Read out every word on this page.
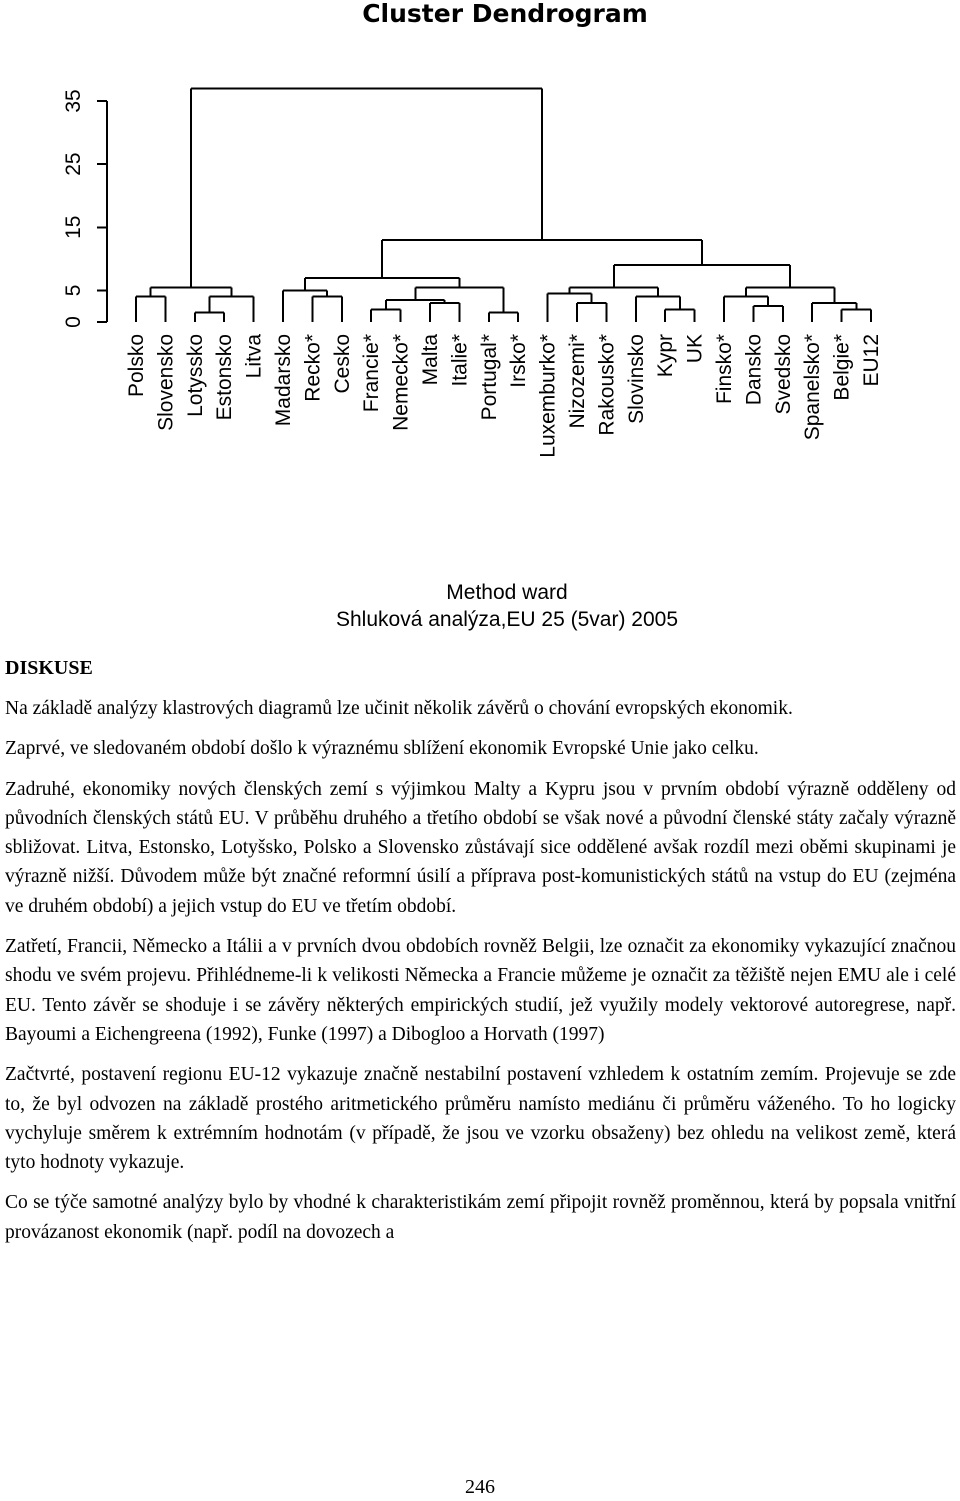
Cluster Dendrogram
0
5
15
25
35
Polsko Slovensko Lotyssko Estonsko Litva Madarsko Recko* Cesko Francie* Nemecko* Malta Italie* Portugal* Irsko* Luxemburko* Nizozemi* Rakousko* Slovinsko Kypr UK Finsko* Dansko Svedsko Spanelsko* Belgie* EU12
Method ward
Shluková analýza,EU 25 (5var) 2005
DISKUSE

Na základě analýzy klastrových diagramů lze učinit několik závěrů o chování evropských ekonomik.

Zaprvé, ve sledovaném období došlo k výraznému sblížení ekonomik Evropské Unie jako celku.

Zadruhé, ekonomiky nových členských zemí s výjimkou Malty a Kypru jsou v prvním období výrazně odděleny od původních členských států EU. V průběhu druhého a třetího období se však nové a původní členské státy začaly výrazně sbližovat. Litva, Estonsko, Lotyšsko, Polsko a Slovensko zůstávají sice oddělené avšak rozdíl mezi oběmi skupinami je výrazně nižší. Důvodem může být značné reformní úsilí a příprava post-komunistických států na vstup do EU (zejména ve druhém období) a jejich vstup do EU ve třetím období.

Zatřetí, Francii, Německo a Itálii a v prvních dvou obdobích rovněž Belgii, lze označit za ekonomiky vykazující značnou shodu ve svém projevu. Přihlédneme-li k velikosti Německa a Francie můžeme je označit za těžiště nejen EMU ale i celé EU. Tento závěr se shoduje i se závěry některých empirických studií, jež využily modely vektorové autoregrese, např. Bayoumi a Eichengreena (1992), Funke (1997) a Dibogloo a Horvath (1997)

Začtvrté, postavení regionu EU-12 vykazuje značně nestabilní postavení vzhledem k ostatním zemím. Projevuje se zde to, že byl odvozen na základě prostého aritmetického průměru namísto mediánu či průměru váženého. To ho logicky vychyluje směrem k extrémním hodnotám (v případě, že jsou ve vzorku obsaženy) bez ohledu na velikost země, která tyto hodnoty vykazuje.

Co se týče samotné analýzy bylo by vhodné k charakteristikám zemí připojit rovněž proměnnou, která by popsala vnitřní provázanost ekonomik (např. podíl na dovozech a

246
